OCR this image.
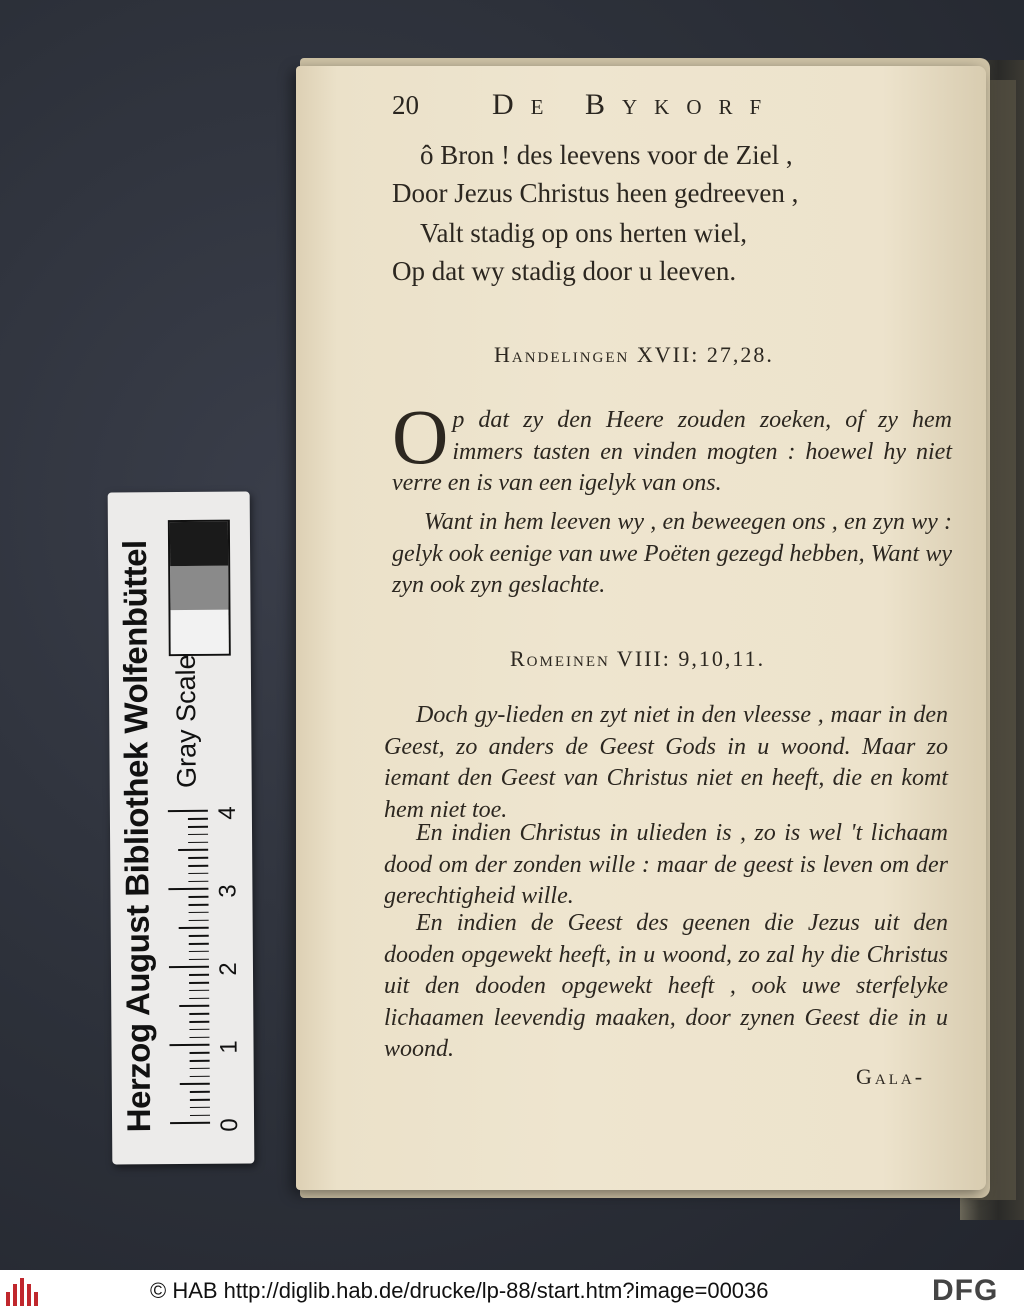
20 De Bykorf
ô Bron ! des leevens voor de Ziel ,
Door Jezus Christus heen gedreeven ,
Valt stadig op ons herten wiel,
Op dat wy stadig door u leeven.
Handelingen XVII: 27,28.
Op dat zy den Heere zouden zoeken, of zy hem immers tasten en vinden mogten : hoewel hy niet verre en is van een igelyk van ons.
Want in hem leeven wy , en beweegen ons , en zyn wy : gelyk ook eenige van uwe Poëten gezegd hebben, Want wy zyn ook zyn geslachte.
Romeinen VIII: 9,10,11.
Doch gy-lieden en zyt niet in den vleesse , maar in den Geest, zo anders de Geest Gods in u woond. Maar zo iemant den Geest van Christus niet en heeft, die en komt hem niet toe.
En indien Christus in ulieden is , zo is wel 't lichaam dood om der zonden wille : maar de geest is leven om der gerechtigheid wille.
En indien de Geest des geenen die Jezus uit den dooden opgewekt heeft, in u woond, zo zal hy die Christus uit den dooden opgewekt heeft , ook uwe sterfelyke lichaamen leevendig maaken, door zynen Geest die in u woond.
Gala-
Herzog August Bibliothek Wolfenbüttel Gray Scale
0
1
2
3
4
© HAB http://diglib.hab.de/drucke/lp-88/start.htm?image=00036	DFG
